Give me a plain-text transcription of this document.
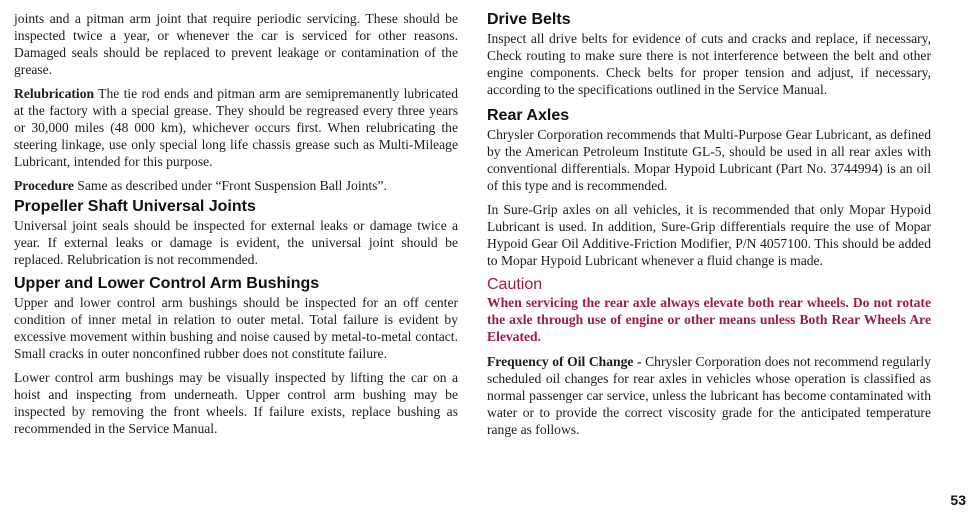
joints and a pitman arm joint that require periodic servicing. These should be inspected twice a year, or whenever the car is serviced for other reasons. Damaged seals should be replaced to prevent leakage or contamination of the grease.

Relubrication The tie rod ends and pitman arm are semipremanently lubricated at the factory with a special grease. They should be regreased every three years or 30,000 miles (48 000 km), whichever occurs first. When relubricating the steering linkage, use only special long life chassis grease such as Multi-Mileage Lubricant, intended for this purpose.

Procedure Same as described under “Front Suspension Ball Joints”.

Propeller Shaft Universal Joints

Universal joint seals should be inspected for external leaks or damage twice a year. If external leaks or damage is evident, the universal joint should be replaced. Relubrication is not recommended.

Upper and Lower Control Arm Bushings

Upper and lower control arm bushings should be inspected for an off center condition of inner metal in relation to outer metal. Total failure is evident by excessive movement within bushing and noise caused by metal-to-metal contact. Small cracks in outer nonconfined rubber does not constitute failure.

Lower control arm bushings may be visually inspected by lifting the car on a hoist and inspecting from underneath. Upper control arm bushing may be inspected by removing the front wheels. If failure exists, replace bushing as recommended in the Service Manual.

Drive Belts

Inspect all drive belts for evidence of cuts and cracks and replace, if necessary, Check routing to make sure there is not interference between the belt and other engine components. Check belts for proper tension and adjust, if necessary, according to the specifications outlined in the Service Manual.

Rear Axles

Chrysler Corporation recommends that Multi-Purpose Gear Lubricant, as defined by the American Petroleum Institute GL-5, should be used in all rear axles with conventional differentials. Mopar Hypoid Lubricant (Part No. 3744994) is an oil of this type and is recommended.

In Sure-Grip axles on all vehicles, it is recommended that only Mopar Hypoid Lubricant is used. In addition, Sure-Grip differentials require the use of Mopar Hypoid Gear Oil Additive-Friction Modifier, P/N 4057100. This should be added to Mopar Hypoid Lubricant whenever a fluid change is made.

Caution

When servicing the rear axle always elevate both rear wheels. Do not rotate the axle through use of engine or other means unless Both Rear Wheels Are Elevated.

Frequency of Oil Change - Chrysler Corporation does not recommend regularly scheduled oil changes for rear axles in vehicles whose operation is classified as normal passenger car service, unless the lubricant has become contaminated with water or to provide the correct viscosity grade for the anticipated temperature range as follows.

53
